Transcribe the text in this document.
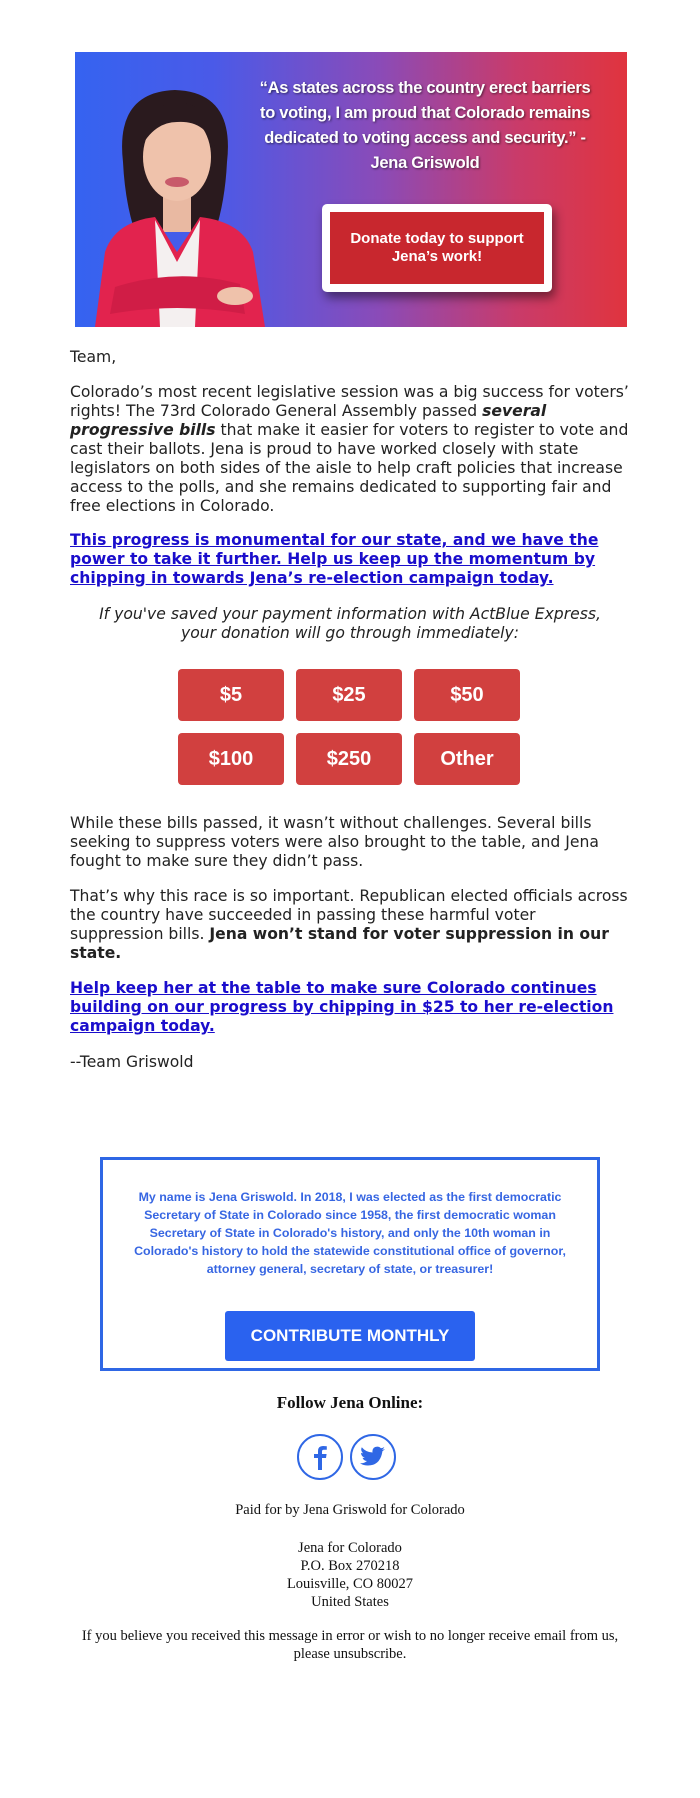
“As states across the country erect barriers to voting, I am proud that Colorado remains dedicated to voting access and security.” - Jena Griswold
Donate today to support Jena’s work!

Team,

Colorado’s most recent legislative session was a big success for voters’ rights! The 73rd Colorado General Assembly passed several progressive bills that make it easier for voters to register to vote and cast their ballots. Jena is proud to have worked closely with state legislators on both sides of the aisle to help craft policies that increase access to the polls, and she remains dedicated to supporting fair and free elections in Colorado.

This progress is monumental for our state, and we have the power to take it further. Help us keep up the momentum by chipping in towards Jena’s re-election campaign today.

If you've saved your payment information with ActBlue Express, your donation will go through immediately:

$5	$25	$50
$100	$250	Other

While these bills passed, it wasn’t without challenges. Several bills seeking to suppress voters were also brought to the table, and Jena fought to make sure they didn’t pass.

That’s why this race is so important. Republican elected officials across the country have succeeded in passing these harmful voter suppression bills. Jena won’t stand for voter suppression in our state.

Help keep her at the table to make sure Colorado continues building on our progress by chipping in $25 to her re-election campaign today.

--Team Griswold

My name is Jena Griswold. In 2018, I was elected as the first democratic Secretary of State in Colorado since 1958, the first democratic woman Secretary of State in Colorado's history, and only the 10th woman in Colorado's history to hold the statewide constitutional office of governor, attorney general, secretary of state, or treasurer!
CONTRIBUTE MONTHLY
Follow Jena Online:
Paid for by Jena Griswold for Colorado
Jena for Colorado
P.O. Box 270218
Louisville, CO 80027
United States
If you believe you received this message in error or wish to no longer receive email from us, please unsubscribe.
